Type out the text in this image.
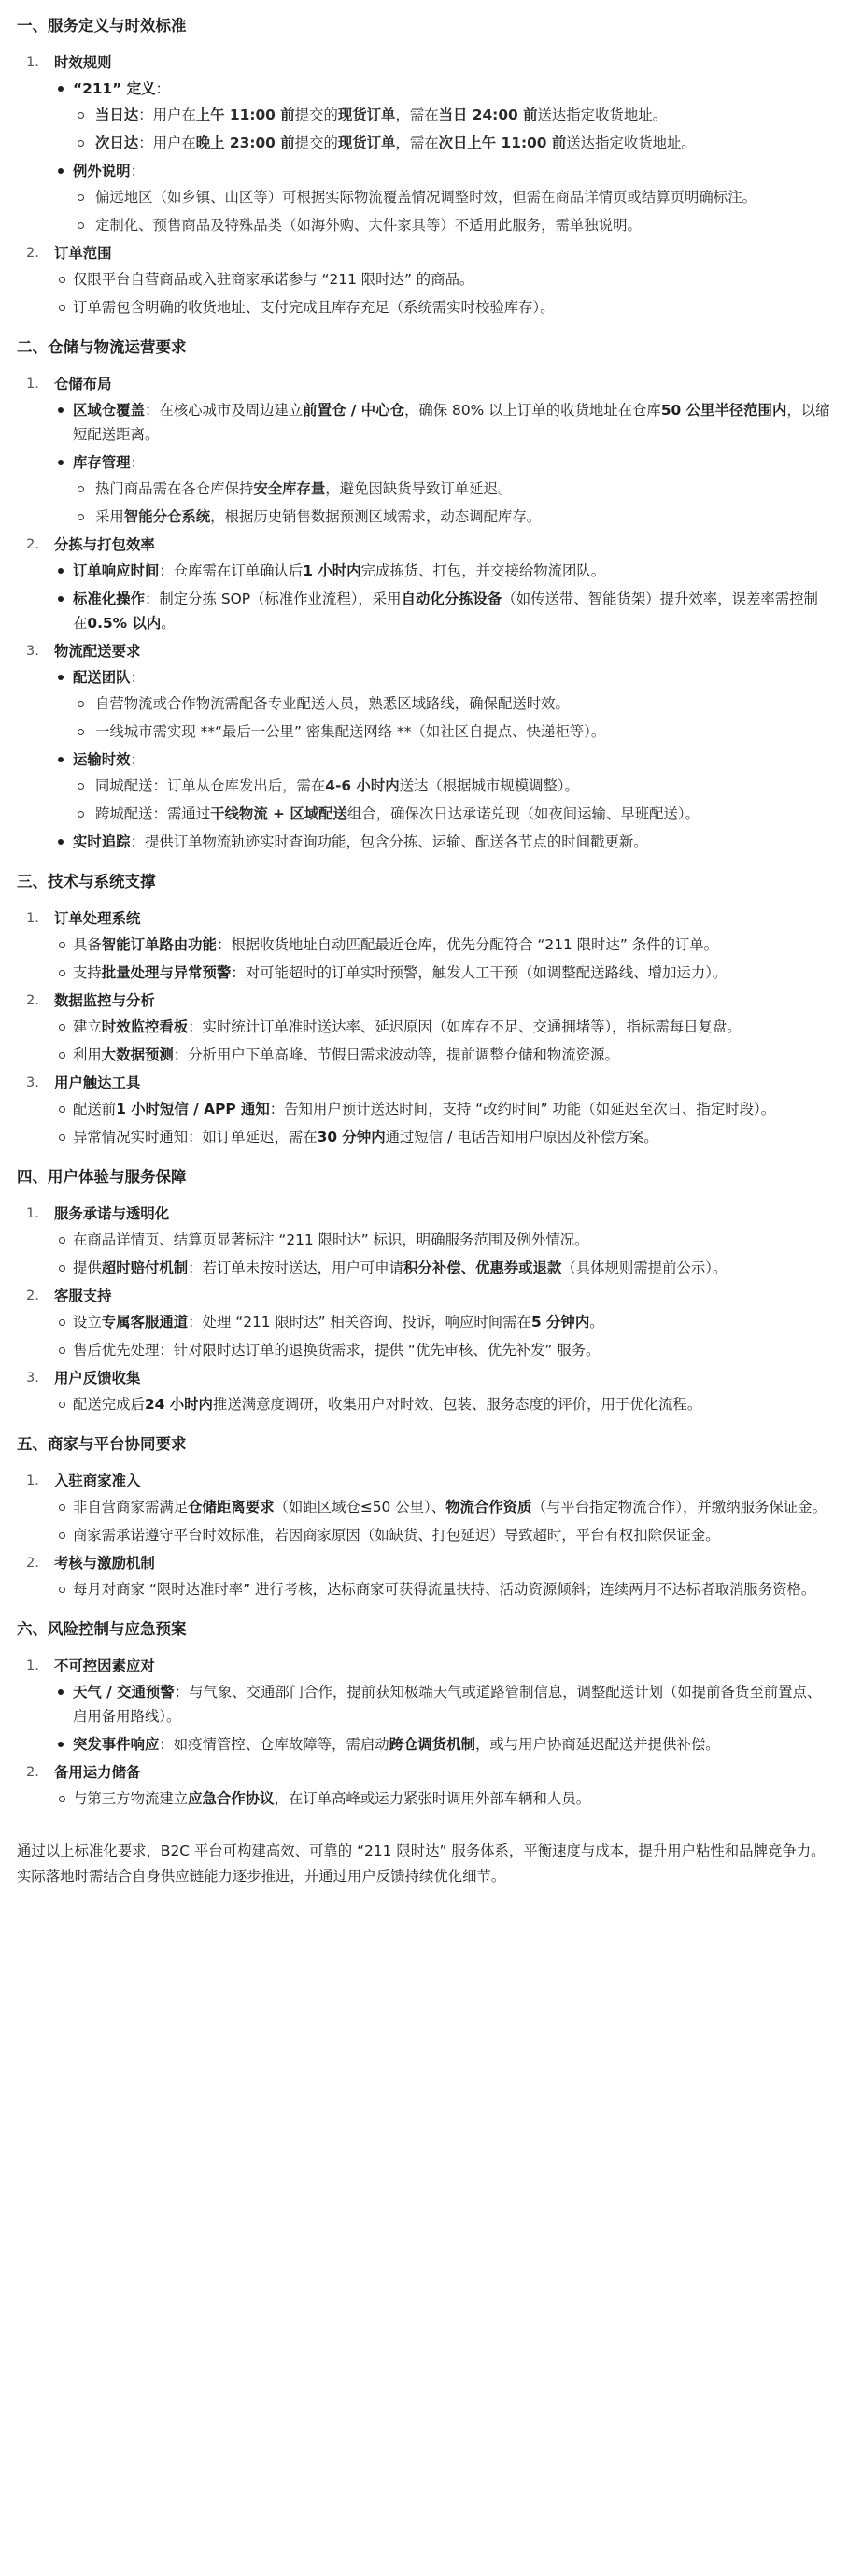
一、服务定义与时效标准
1. 时效规则
“211” 定义：
当日达：用户在上午 11:00 前提交的现货订单，需在当日 24:00 前送达指定收货地址。
次日达：用户在晚上 23:00 前提交的现货订单，需在次日上午 11:00 前送达指定收货地址。
例外说明：
偏远地区（如乡镇、山区等）可根据实际物流覆盖情况调整时效，但需在商品详情页或结算页明确标注。
定制化、预售商品及特殊品类（如海外购、大件家具等）不适用此服务，需单独说明。
2. 订单范围
仅限平台自营商品或入驻商家承诺参与 “211 限时达” 的商品。
订单需包含明确的收货地址、支付完成且库存充足（系统需实时校验库存）。
二、仓储与物流运营要求
1. 仓储布局
区域仓覆盖：在核心城市及周边建立前置仓 / 中心仓，确保 80% 以上订单的收货地址在仓库50 公里半径范围内，以缩短配送距离。
库存管理：
热门商品需在各仓库保持安全库存量，避免因缺货导致订单延迟。
采用智能分仓系统，根据历史销售数据预测区域需求，动态调配库存。
2. 分拣与打包效率
订单响应时间：仓库需在订单确认后1 小时内完成拣货、打包，并交接给物流团队。
标准化操作：制定分拣 SOP（标准作业流程），采用自动化分拣设备（如传送带、智能货架）提升效率，误差率需控制在0.5% 以内。
3. 物流配送要求
配送团队：
自营物流或合作物流需配备专业配送人员，熟悉区域路线，确保配送时效。
一线城市需实现 **“最后一公里” 密集配送网络 **（如社区自提点、快递柜等）。
运输时效：
同城配送：订单从仓库发出后，需在4-6 小时内送达（根据城市规模调整）。
跨城配送：需通过干线物流 + 区域配送组合，确保次日达承诺兑现（如夜间运输、早班配送）。
实时追踪：提供订单物流轨迹实时查询功能，包含分拣、运输、配送各节点的时间戳更新。
三、技术与系统支撑
1. 订单处理系统
具备智能订单路由功能：根据收货地址自动匹配最近仓库，优先分配符合 “211 限时达” 条件的订单。
支持批量处理与异常预警：对可能超时的订单实时预警，触发人工干预（如调整配送路线、增加运力）。
2. 数据监控与分析
建立时效监控看板：实时统计订单准时送达率、延迟原因（如库存不足、交通拥堵等），指标需每日复盘。
利用大数据预测：分析用户下单高峰、节假日需求波动等，提前调整仓储和物流资源。
3. 用户触达工具
配送前1 小时短信 / APP 通知：告知用户预计送达时间，支持 “改约时间” 功能（如延迟至次日、指定时段）。
异常情况实时通知：如订单延迟，需在30 分钟内通过短信 / 电话告知用户原因及补偿方案。
四、用户体验与服务保障
1. 服务承诺与透明化
在商品详情页、结算页显著标注 “211 限时达” 标识，明确服务范围及例外情况。
提供超时赔付机制：若订单未按时送达，用户可申请积分补偿、优惠券或退款（具体规则需提前公示）。
2. 客服支持
设立专属客服通道：处理 “211 限时达” 相关咨询、投诉，响应时间需在5 分钟内。
售后优先处理：针对限时达订单的退换货需求，提供 “优先审核、优先补发” 服务。
3. 用户反馈收集
配送完成后24 小时内推送满意度调研，收集用户对时效、包装、服务态度的评价，用于优化流程。
五、商家与平台协同要求
1. 入驻商家准入
非自营商家需满足仓储距离要求（如距区域仓≤50 公里）、物流合作资质（与平台指定物流合作），并缴纳服务保证金。
商家需承诺遵守平台时效标准，若因商家原因（如缺货、打包延迟）导致超时，平台有权扣除保证金。
2. 考核与激励机制
每月对商家 “限时达准时率” 进行考核，达标商家可获得流量扶持、活动资源倾斜；连续两月不达标者取消服务资格。
六、风险控制与应急预案
1. 不可控因素应对
天气 / 交通预警：与气象、交通部门合作，提前获知极端天气或道路管制信息，调整配送计划（如提前备货至前置点、启用备用路线）。
突发事件响应：如疫情管控、仓库故障等，需启动跨仓调货机制，或与用户协商延迟配送并提供补偿。
2. 备用运力储备
与第三方物流建立应急合作协议，在订单高峰或运力紧张时调用外部车辆和人员。

通过以上标准化要求，B2C 平台可构建高效、可靠的 “211 限时达” 服务体系，平衡速度与成本，提升用户粘性和品牌竞争力。实际落地时需结合自身供应链能力逐步推进，并通过用户反馈持续优化细节。
